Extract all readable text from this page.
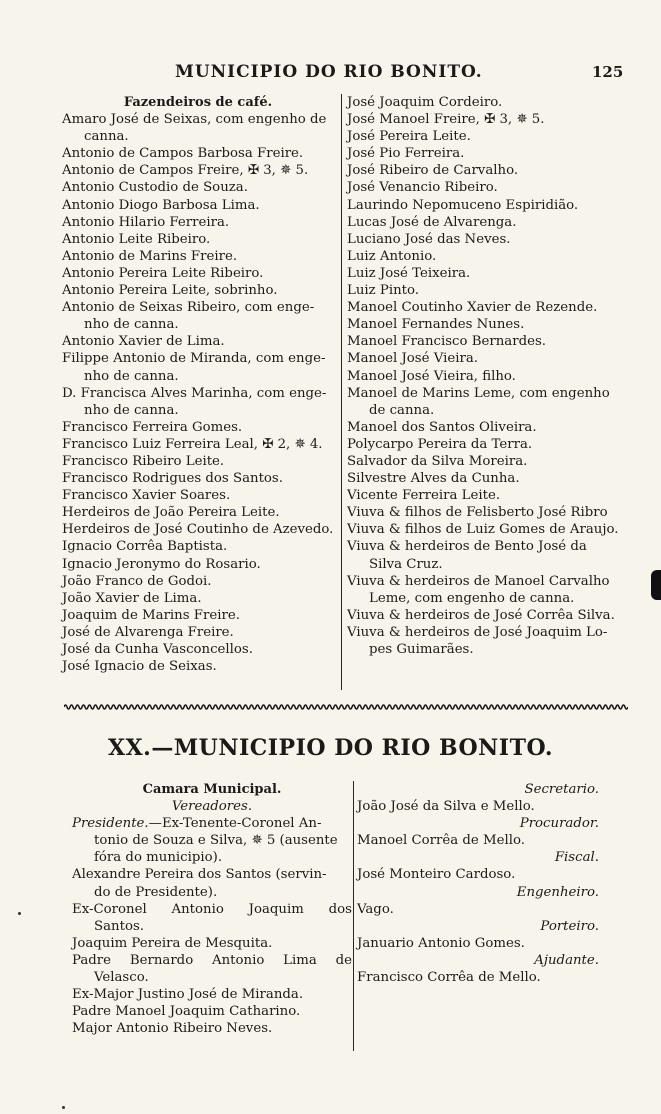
MUNICIPIO DO RIO BONITO.	125
Fazendeiros de café.
Amaro José de Seixas, com engenho de
canna.
Antonio de Campos Barbosa Freire.
Antonio de Campos Freire, ✠ 3, ✵ 5.
Antonio Custodio de Souza.
Antonio Diogo Barbosa Lima.
Antonio Hilario Ferreira.
Antonio Leite Ribeiro.
Antonio de Marins Freire.
Antonio Pereira Leite Ribeiro.
Antonio Pereira Leite, sobrinho.
Antonio de Seixas Ribeiro, com enge-
nho de canna.
Antonio Xavier de Lima.
Filippe Antonio de Miranda, com enge-
nho de canna.
D. Francisca Alves Marinha, com enge-
nho de canna.
Francisco Ferreira Gomes.
Francisco Luiz Ferreira Leal, ✠ 2, ✵ 4.
Francisco Ribeiro Leite.
Francisco Rodrigues dos Santos.
Francisco Xavier Soares.
Herdeiros de João Pereira Leite.
Herdeiros de José Coutinho de Azevedo.
Ignacio Corrêa Baptista.
Ignacio Jeronymo do Rosario.
João Franco de Godoi.
João Xavier de Lima.
Joaquim de Marins Freire.
José de Alvarenga Freire.
José da Cunha Vasconcellos.
José Ignacio de Seixas.
José Joaquim Cordeiro.
José Manoel Freire, ✠ 3, ✵ 5.
José Pereira Leite.
José Pio Ferreira.
José Ribeiro de Carvalho.
José Venancio Ribeiro.
Laurindo Nepomuceno Espiridião.
Lucas José de Alvarenga.
Luciano José das Neves.
Luiz Antonio.
Luiz José Teixeira.
Luiz Pinto.
Manoel Coutinho Xavier de Rezende.
Manoel Fernandes Nunes.
Manoel Francisco Bernardes.
Manoel José Vieira.
Manoel José Vieira, filho.
Manoel de Marins Leme, com engenho
de canna.
Manoel dos Santos Oliveira.
Polycarpo Pereira da Terra.
Salvador da Silva Moreira.
Silvestre Alves da Cunha.
Vicente Ferreira Leite.
Viuva & filhos de Felisberto José Ribro
Viuva & filhos de Luiz Gomes de Araujo.
Viuva & herdeiros de Bento José da
Silva Cruz.
Viuva & herdeiros de Manoel Carvalho
Leme, com engenho de canna.
Viuva & herdeiros de José Corrêa Silva.
Viuva & herdeiros de José Joaquim Lo-
pes Guimarães.
XX.—MUNICIPIO DO RIO BONITO.
Camara Municipal.
Vereadores.
Presidente.—Ex-Tenente-Coronel An-
tonio de Souza e Silva, ✵ 5 (ausente
fóra do municipio).
Alexandre Pereira dos Santos (servin-
do de Presidente).
Ex-Coronel Antonio Joaquim dos
Santos.
Joaquim Pereira de Mesquita.
Padre Bernardo Antonio Lima de
Velasco.
Ex-Major Justino José de Miranda.
Padre Manoel Joaquim Catharino.
Major Antonio Ribeiro Neves.
Secretario.
João José da Silva e Mello.
Procurador.
Manoel Corrêa de Mello.
Fiscal.
José Monteiro Cardoso.
Engenheiro.
Vago.
Porteiro.
Januario Antonio Gomes.
Ajudante.
Francisco Corrêa de Mello.
